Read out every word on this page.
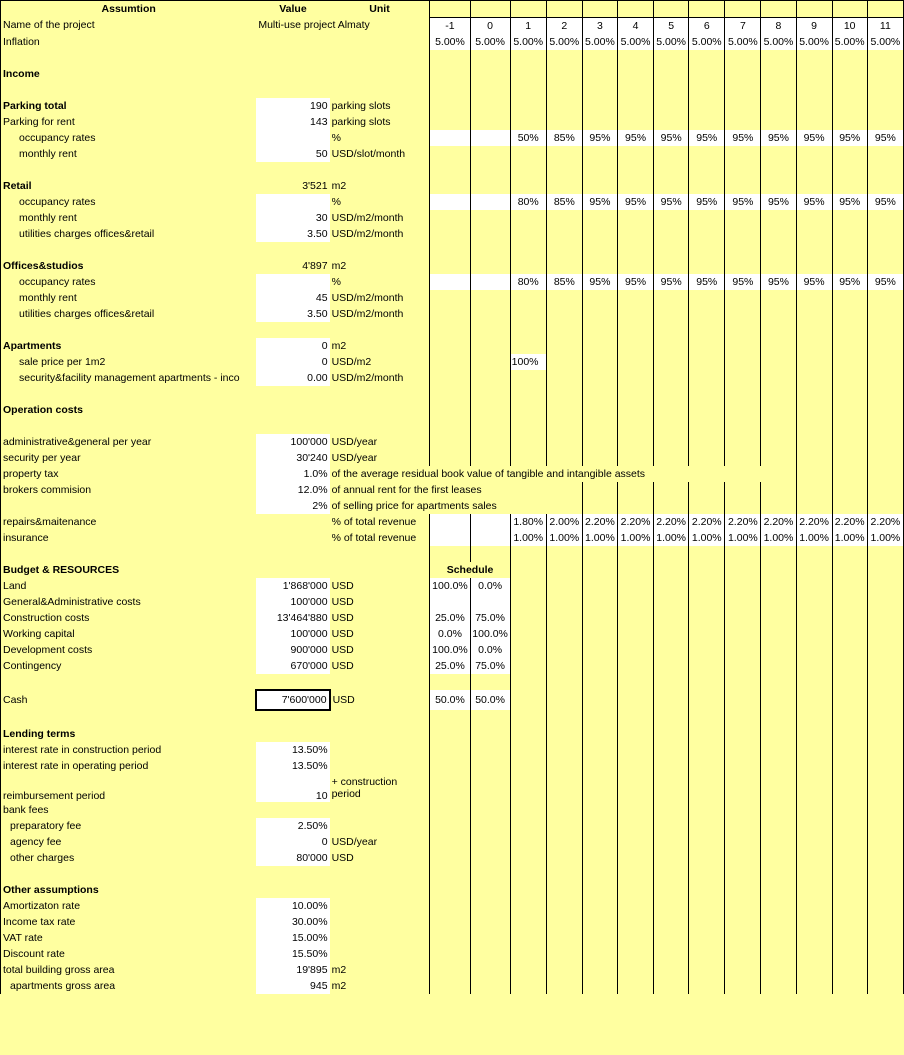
Assumtion	Value	Unit													
Name of the project	Multi-use project Almaty		-1	0	1	2	3	4	5	6	7	8	9	10	11
Inflation			5.00%	5.00%	5.00%	5.00%	5.00%	5.00%	5.00%	5.00%	5.00%	5.00%	5.00%	5.00%	5.00%

Income															

Parking total	190	parking slots													
Parking for rent	143	parking slots													
occupancy rates		%			50%	85%	95%	95%	95%	95%	95%	95%	95%	95%	95%
monthly rent	50	USD/slot/month													

Retail	3'521	m2													
occupancy rates		%			80%	85%	95%	95%	95%	95%	95%	95%	95%	95%	95%
monthly rent	30	USD/m2/month													
utilities charges offices&retail	3.50	USD/m2/month													

Offices&studios	4'897	m2													
occupancy rates		%			80%	85%	95%	95%	95%	95%	95%	95%	95%	95%	95%
monthly rent	45	USD/m2/month													
utilities charges offices&retail	3.50	USD/m2/month													

Apartments	0	m2													
sale price per 1m2	0	USD/m2			100%										
security&facility management apartments - inco	0.00	USD/m2/month													

Operation costs															

administrative&general per year	100'000	USD/year													
security per year	30'240	USD/year													
property tax	1.0%	of the average residual book value of tangible and intangible assets													
brokers commision	12.0%	of annual rent for the first leases													
	2%	of selling price for apartments sales													
repairs&maitenance		% of total revenue			1.80%	2.00%	2.20%	2.20%	2.20%	2.20%	2.20%	2.20%	2.20%	2.20%	2.20%
insurance		% of total revenue			1.00%	1.00%	1.00%	1.00%	1.00%	1.00%	1.00%	1.00%	1.00%	1.00%	1.00%

Budget & RESOURCES			Schedule												
Land	1'868'000	USD	100.0%	0.0%											
General&Administrative costs	100'000	USD													
Construction costs	13'464'880	USD	25.0%	75.0%											
Working capital	100'000	USD	0.0%	100.0%											
Development costs	900'000	USD	100.0%	0.0%											
Contingency	670'000	USD	25.0%	75.0%											

Cash	7'600'000	USD	50.0%	50.0%											

Lending terms															
interest rate in construction period	13.50%														
interest rate in operating period	13.50%														
reimbursement period	10	+ construction period													
bank fees															
preparatory fee	2.50%														
agency fee	0	USD/year													
other charges	80'000	USD													

Other assumptions															
Amortizaton rate	10.00%														
Income tax rate	30.00%														
VAT rate	15.00%														
Discount rate	15.50%														
total building gross area	19'895	m2													
apartments gross area	945	m2													
